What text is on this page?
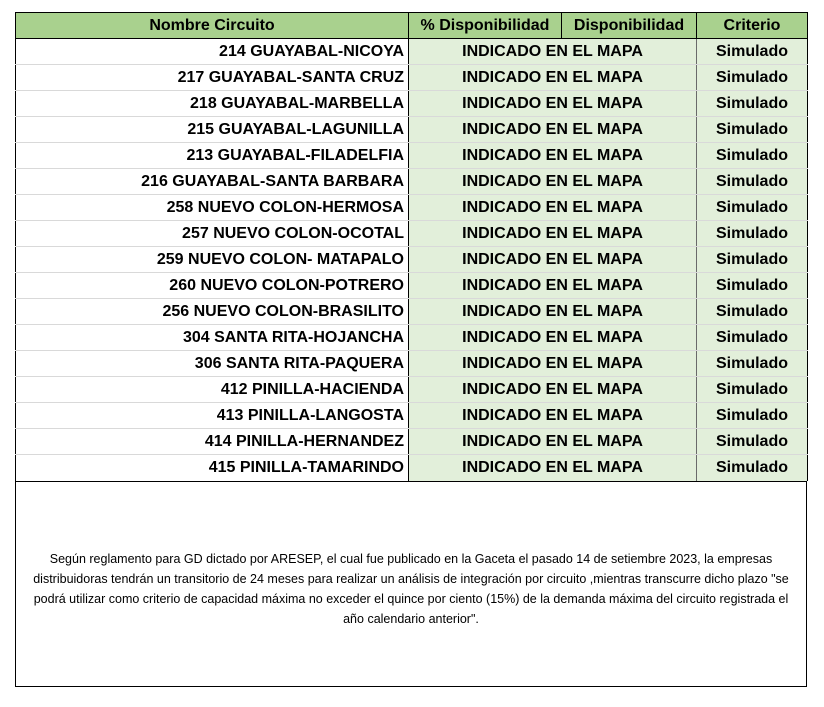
Nombre Circuito	% Disponibilidad	Disponibilidad	Criterio
214 GUAYABAL-NICOYA	INDICADO EN EL MAPA		Simulado
217 GUAYABAL-SANTA CRUZ	INDICADO EN EL MAPA		Simulado
218 GUAYABAL-MARBELLA	INDICADO EN EL MAPA		Simulado
215 GUAYABAL-LAGUNILLA	INDICADO EN EL MAPA		Simulado
213 GUAYABAL-FILADELFIA	INDICADO EN EL MAPA		Simulado
216 GUAYABAL-SANTA BARBARA	INDICADO EN EL MAPA		Simulado
258 NUEVO COLON-HERMOSA	INDICADO EN EL MAPA		Simulado
257 NUEVO COLON-OCOTAL	INDICADO EN EL MAPA		Simulado
259 NUEVO COLON- MATAPALO	INDICADO EN EL MAPA		Simulado
260 NUEVO COLON-POTRERO	INDICADO EN EL MAPA		Simulado
256 NUEVO COLON-BRASILITO	INDICADO EN EL MAPA		Simulado
304 SANTA RITA-HOJANCHA	INDICADO EN EL MAPA		Simulado
306 SANTA RITA-PAQUERA	INDICADO EN EL MAPA		Simulado
412 PINILLA-HACIENDA	INDICADO EN EL MAPA		Simulado
413 PINILLA-LANGOSTA	INDICADO EN EL MAPA		Simulado
414 PINILLA-HERNANDEZ	INDICADO EN EL MAPA		Simulado
415 PINILLA-TAMARINDO	INDICADO EN EL MAPA		Simulado
Según reglamento para GD dictado por ARESEP, el cual fue publicado en la Gaceta el pasado 14 de setiembre 2023, la empresas distribuidoras tendrán un transitorio de 24 meses para realizar un análisis de integración por circuito ,mientras transcurre dicho plazo "se podrá utilizar como criterio de capacidad máxima no exceder el quince por ciento (15%) de la demanda máxima del circuito registrada el año calendario anterior".
